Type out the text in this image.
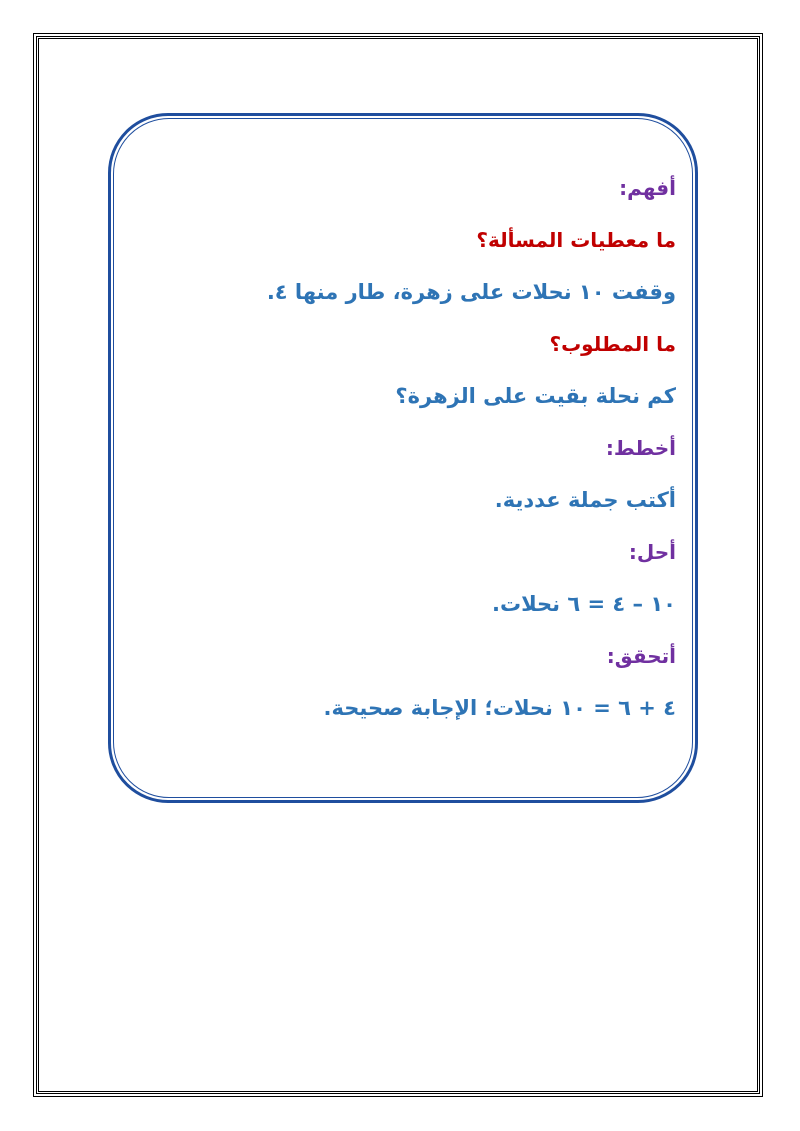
أفهم:
ما معطيات المسألة؟
وقفت ١٠ نحلات على زهرة، طار منها ٤.
ما المطلوب؟
كم نحلة بقيت على الزهرة؟
أخطط:
أكتب جملة عددية.
أحل:
١٠ – ٤ = ٦ نحلات.
أتحقق:
٤ + ٦ = ١٠ نحلات؛ الإجابة صحيحة.
